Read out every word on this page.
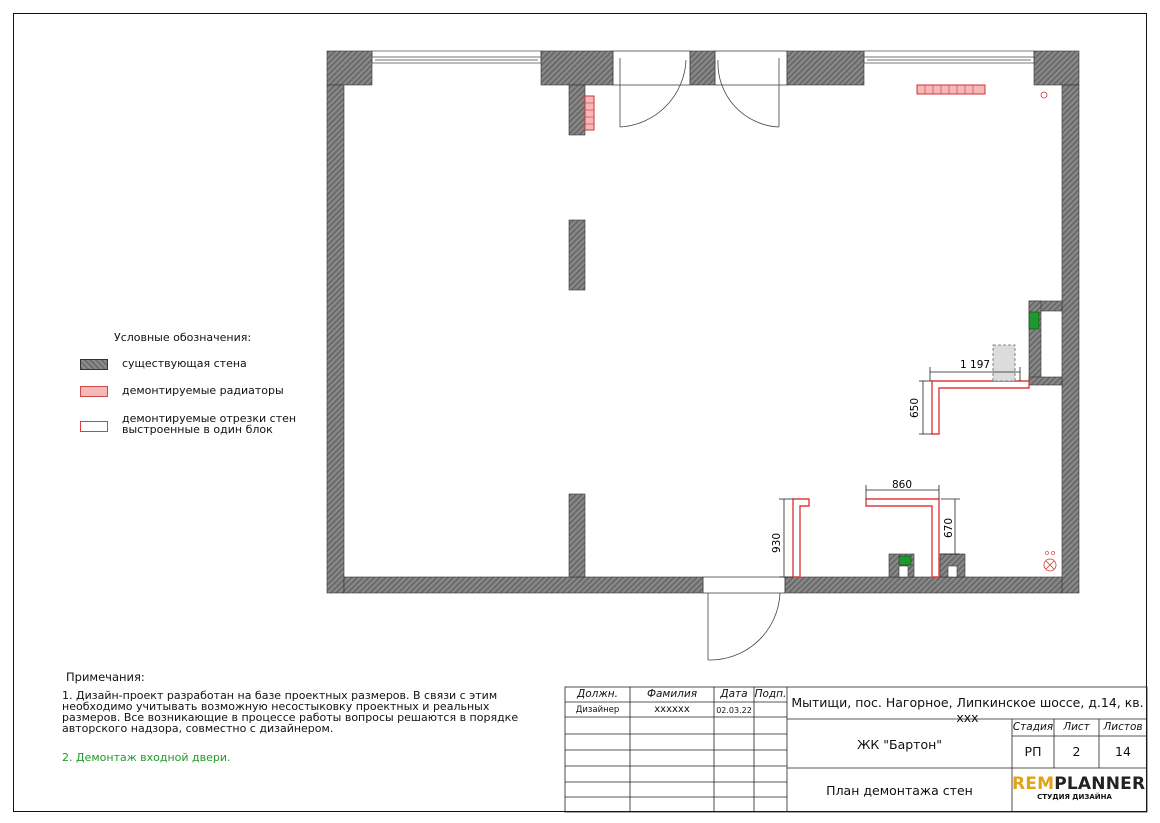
1 197
650
860
670
930
Условные обозначения:
существующая стена
демонтируемые радиаторы
демонтируемые отрезки стен выстроенные в один блок
Примечания:
1. Дизайн-проект разработан на базе проектных размеров. В связи с этим необходимо учитывать возможную несостыковку проектных и реальных размеров. Все возникающие в процессе работы вопросы решаются в порядке авторского надзора, совместно с дизайнером.
2. Демонтаж входной двери.
Должн.	Фамилия	Дата Подп.
Дизайнер	xxxxxx	02.03.22
Мытищи, пос. Нагорное, Липкинское шоссе, д.14, кв. ххх
ЖК "Бартон"
Стадия Лист	Листов
РП	2	14
План демонтажа стен	REMPLANNER
СТУДИЯ ДИЗАЙНА
